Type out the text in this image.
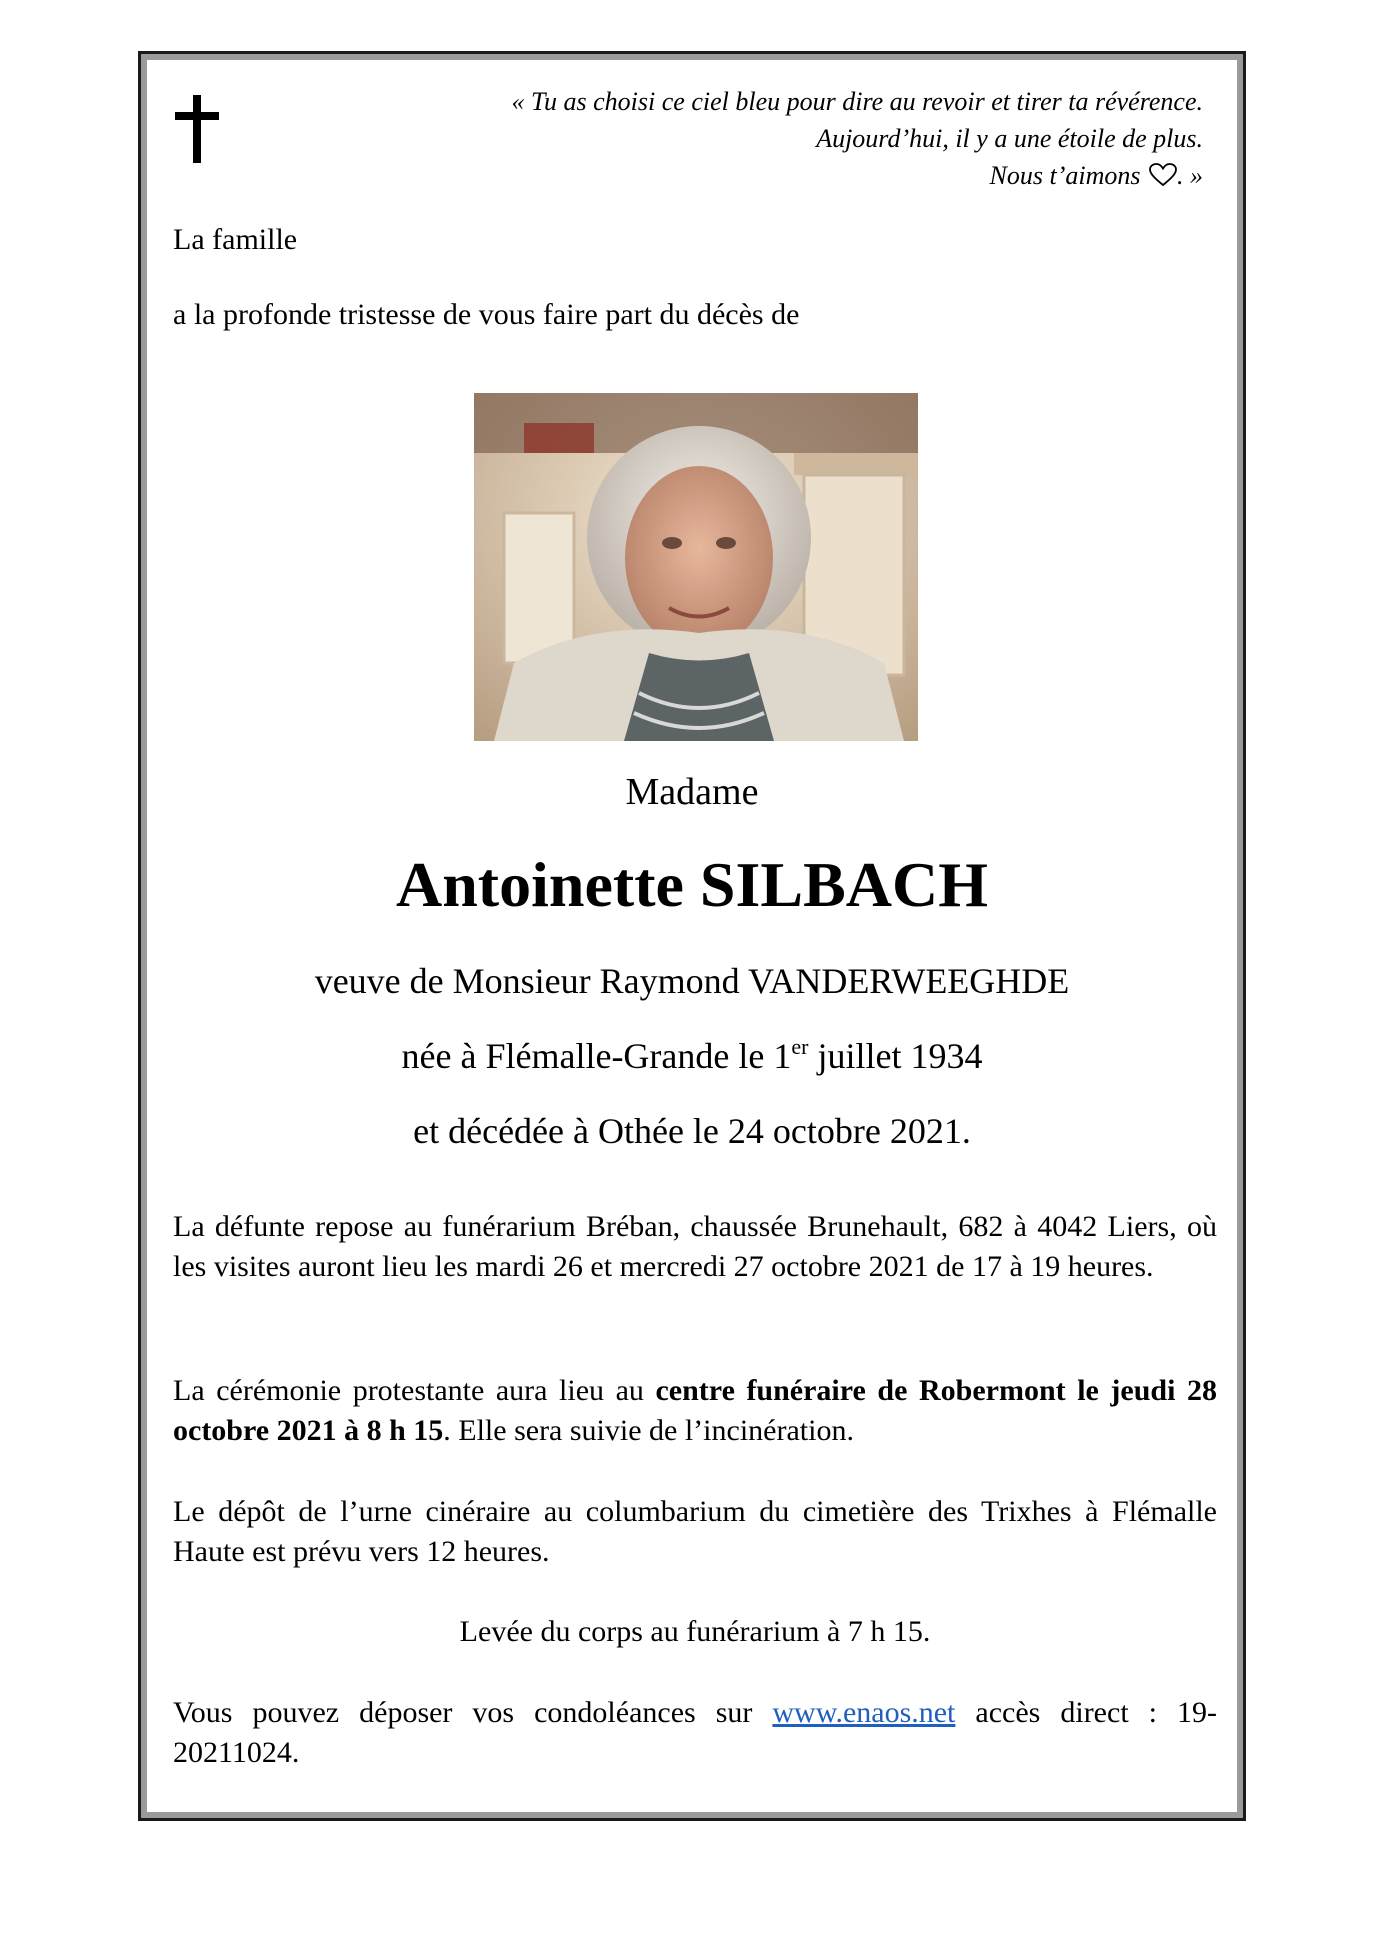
« Tu as choisi ce ciel bleu pour dire au revoir et tirer ta révérence.
Aujourd’hui, il y a une étoile de plus.
Nous t’aimons . »
La famille
a la profonde tristesse de vous faire part du décès de
Madame
Antoinette SILBACH
veuve de Monsieur Raymond VANDERWEEGHDE
née à Flémalle-Grande le 1er juillet 1934
et décédée à Othée le 24 octobre 2021.
La défunte repose au funérarium Bréban, chaussée Brunehault, 682 à 4042 Liers, où les visites auront lieu les mardi 26 et mercredi 27 octobre 2021 de 17 à 19 heures.
La cérémonie protestante aura lieu au centre funéraire de Robermont le jeudi 28 octobre 2021 à 8 h 15. Elle sera suivie de l’incinération.
Le dépôt de l’urne cinéraire au columbarium du cimetière des Trixhes à Flémalle Haute est prévu vers 12 heures.
Levée du corps au funérarium à 7 h 15.
Vous pouvez déposer vos condoléances sur www.enaos.net accès direct : 19-20211024.
